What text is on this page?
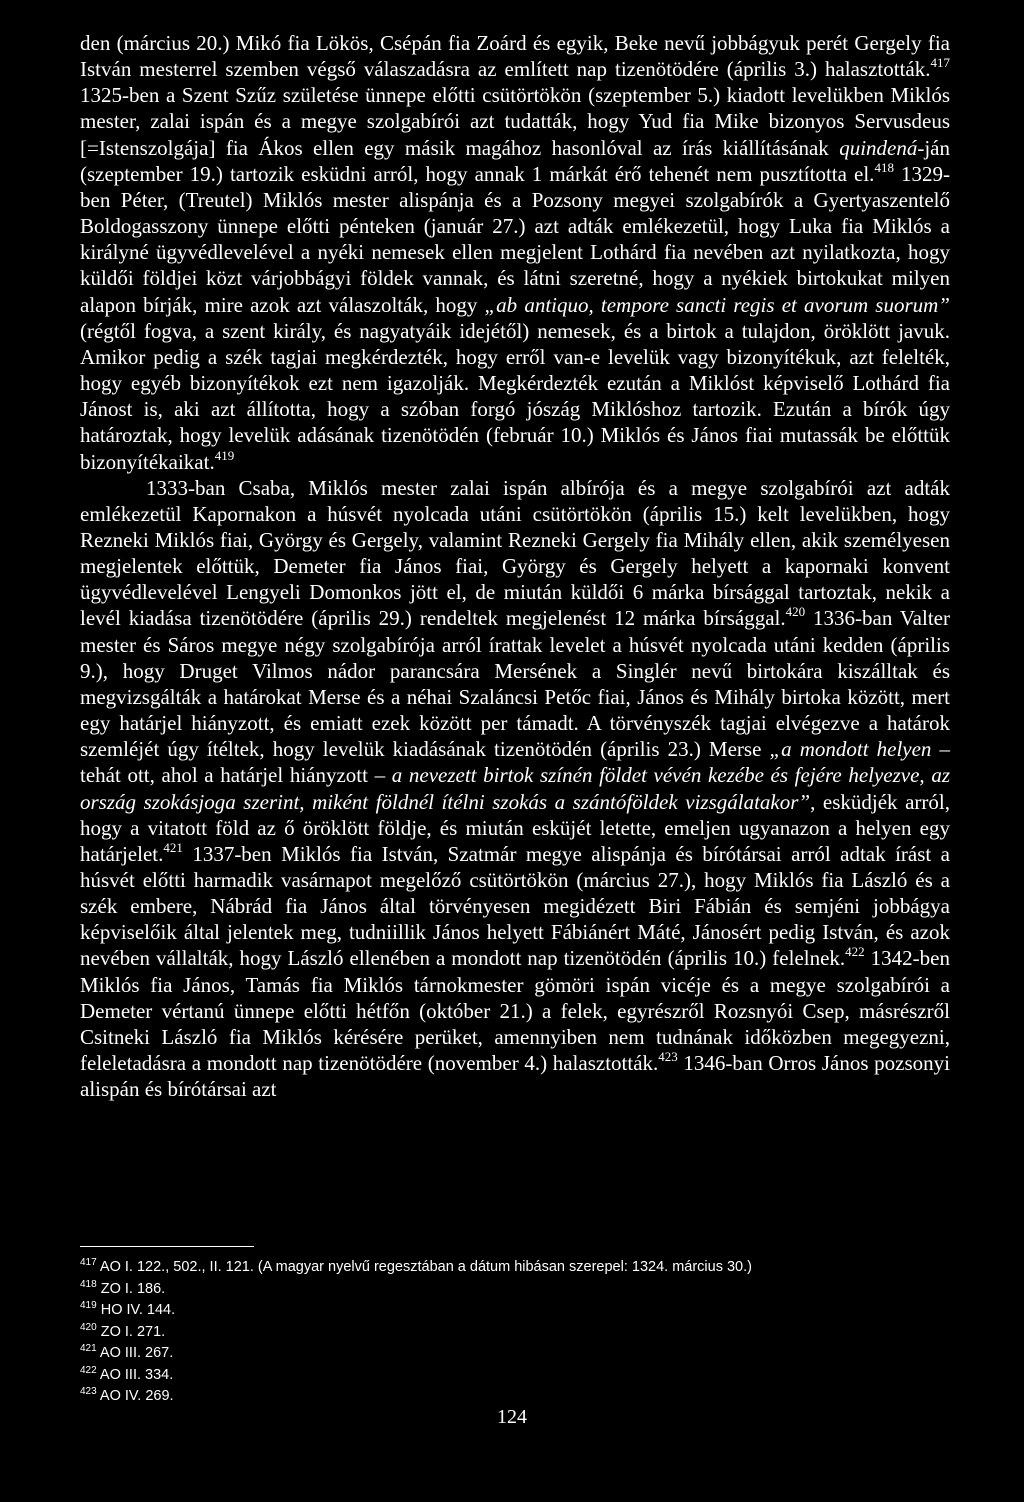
den (március 20.) Mikó fia Lökös, Csépán fia Zoárd és egyik, Beke nevű jobbágyuk perét Gergely fia István mesterrel szemben végső válaszadásra az említett nap tizenötödére (április 3.) halasztották.$^{417}$ 1325-ben a Szent Szűz születése ünnepe előtti csütörtökön (szeptember 5.) kiadott levelükben Miklós mester, zalai ispán és a megye szolgabírói azt tudatták, hogy Yud fia Mike bizonyos Servusdeus [=Istenszolgája] fia Ákos ellen egy másik magához hasonlóval az írás kiállításának quindená-ján (szeptember 19.) tartozik esküdni arról, hogy annak 1 márkát érő tehenét nem pusztította el.$^{418}$ 1329-ben Péter, (Treutel) Miklós mester alispánja és a Pozsony megyei szolgabírók a Gyertyaszentelő Boldogasszony ünnepe előtti pénteken (január 27.) azt adták emlékezetül, hogy Luka fia Miklós a királyné ügyvédlevelével a nyéki nemesek ellen megjelent Lothárd fia nevében azt nyilatkozta, hogy küldői földjei közt várjobbágyi földek vannak, és látni szeretné, hogy a nyékiek birtokukat milyen alapon bírják, mire azok azt válaszolták, hogy „ab antiquo, tempore sancti regis et avorum suorum” (régtől fogva, a szent király, és nagyatyáik idejétől) nemesek, és a birtok a tulajdon, öröklött javuk. Amikor pedig a szék tagjai megkérdezték, hogy erről van-e levelük vagy bizonyítékuk, azt felelték, hogy egyéb bizonyítékok ezt nem igazolják. Megkérdezték ezután a Miklóst képviselő Lothárd fia Jánost is, aki azt állította, hogy a szóban forgó jószág Miklóshoz tartozik. Ezután a bírók úgy határoztak, hogy levelük adásának tizenötödén (február 10.) Miklós és János fiai mutassák be előttük bizonyítékaikat.$^{419}$

1333-ban Csaba, Miklós mester zalai ispán albírója és a megye szolgabírói azt adták emlékezetül Kapornakon a húsvét nyolcada utáni csütörtökön (április 15.) kelt levelükben, hogy Rezneki Miklós fiai, György és Gergely, valamint Rezneki Gergely fia Mihály ellen, akik személyesen megjelentek előttük, Demeter fia János fiai, György és Gergely helyett a kapornaki konvent ügyvédlevelével Lengyeli Domonkos jött el, de miután küldői 6 márka bírsággal tartoztak, nekik a levél kiadása tizenötödére (április 29.) rendeltek megjelenést 12 márka bírsággal.$^{420}$ 1336-ban Valter mester és Sáros megye négy szolgabírója arról írattak levelet a húsvét nyolcada utáni kedden (április 9.), hogy Druget Vilmos nádor parancsára Mersének a Singlér nevű birtokára kiszálltak és megvizsgálták a határokat Merse és a néhai Szaláncsi Petőc fiai, János és Mihály birtoka között, mert egy határjel hiányzott, és emiatt ezek között per támadt. A törvényszék tagjai elvégezve a határok szemléjét úgy ítéltek, hogy levelük kiadásának tizenötödén (április 23.) Merse „a mondott helyen – tehát ott, ahol a határjel hiányzott – a nevezett birtok színén földet vévén kezébe és fejére helyezve, az ország szokásjoga szerint, miként földnél ítélni szokás a szántóföldek vizsgálatakor”, esküdjék arról, hogy a vitatott föld az ő öröklött földje, és miután esküjét letette, emeljen ugyanazon a helyen egy határjelet.$^{421}$ 1337-ben Miklós fia István, Szatmár megye alispánja és bírótársai arról adtak írást a húsvét előtti harmadik vasárnapot megelőző csütörtökön (március 27.), hogy Miklós fia László és a szék embere, Nábrád fia János által törvényesen megidézett Biri Fábián és semjéni jobbágya képviselőik által jelentek meg, tudniillik János helyett Fábiánért Máté, Jánosért pedig István, és azok nevében vállalták, hogy László ellenében a mondott nap tizenötödén (április 10.) felelnek.$^{422}$ 1342-ben Miklós fia János, Tamás fia Miklós tárnokmester gömöri ispán vicéje és a megye szolgabírói a Demeter vértanú ünnepe előtti hétfőn (október 21.) a felek, egyrészről Rozsnyói Csep, másrészről Csitneki László fia Miklós kérésére perüket, amennyiben nem tudnának időközben megegyezni, feleletadásra a mondott nap tizenötödére (november 4.) halasztották.$^{423}$ 1346-ban Orros János pozsonyi alispán és bírótársai azt

$^{417}$ AO I. 122., 502., II. 121. (A magyar nyelvű regesztában a dátum hibásan szerepel: 1324. március 30.)
$^{418}$ ZO I. 186.
$^{419}$ HO IV. 144.
$^{420}$ ZO I. 271.
$^{421}$ AO III. 267.
$^{422}$ AO III. 334.
$^{423}$ AO IV. 269.
124
